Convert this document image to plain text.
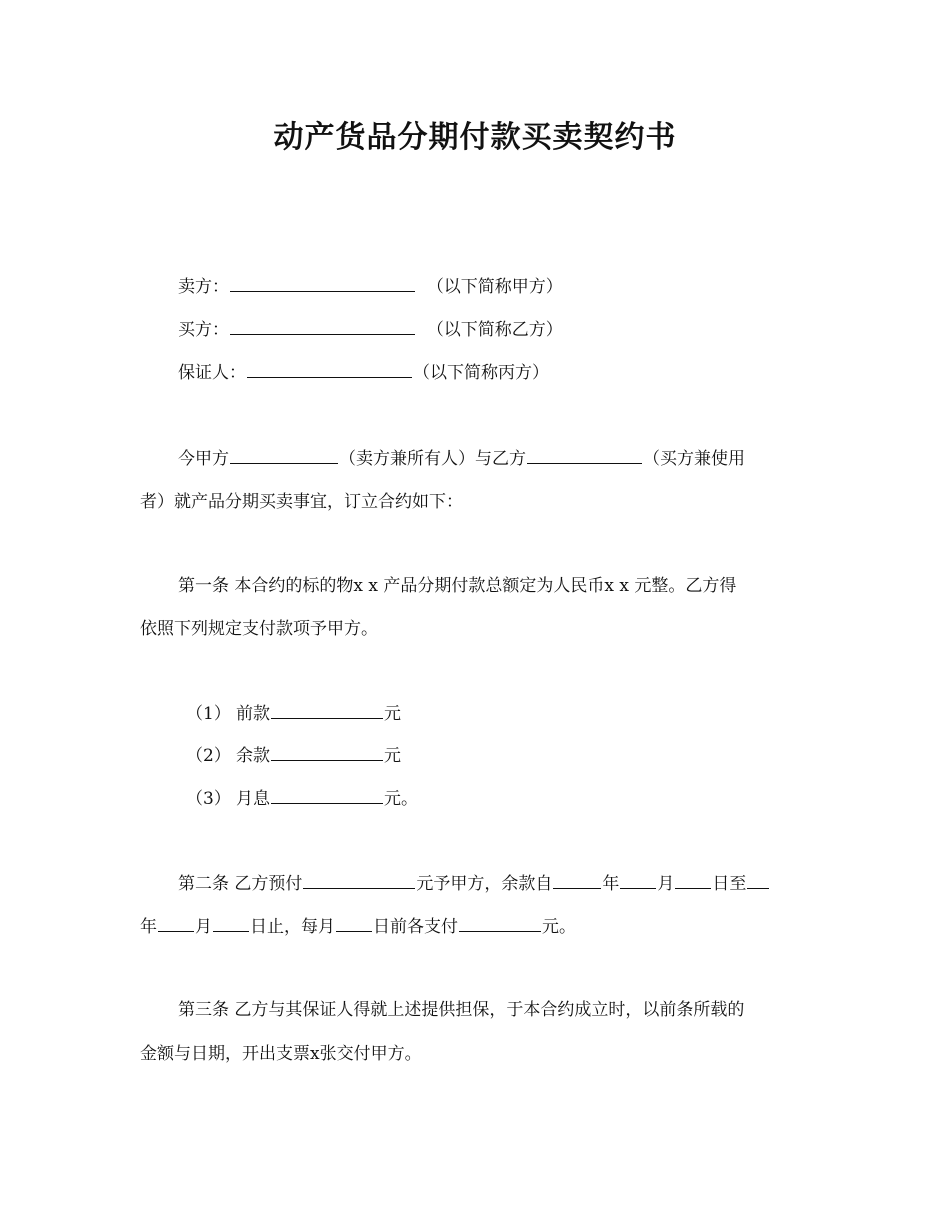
动产货品分期付款买卖契约书
卖方：	（以下简称甲方）
买方：	（以下简称乙方）
保证人：	（以下简称丙方）
今甲方	（卖方兼所有人）与乙方	（买方兼使用
者）就产品分期买卖事宜，订立合约如下：
第一条 本合约的标的物x x 产品分期付款总额定为人民币x x 元整。乙方得
依照下列规定支付款项予甲方。
（1） 前款	元
（2） 余款	元
（3） 月息	元。
第二条 乙方预付	元予甲方，余款自	年 月 日至
年 月 日止，每月 日前各支付	元。
第三条 乙方与其保证人得就上述提供担保，于本合约成立时，以前条所载的
金额与日期，开出支票x张交付甲方。
